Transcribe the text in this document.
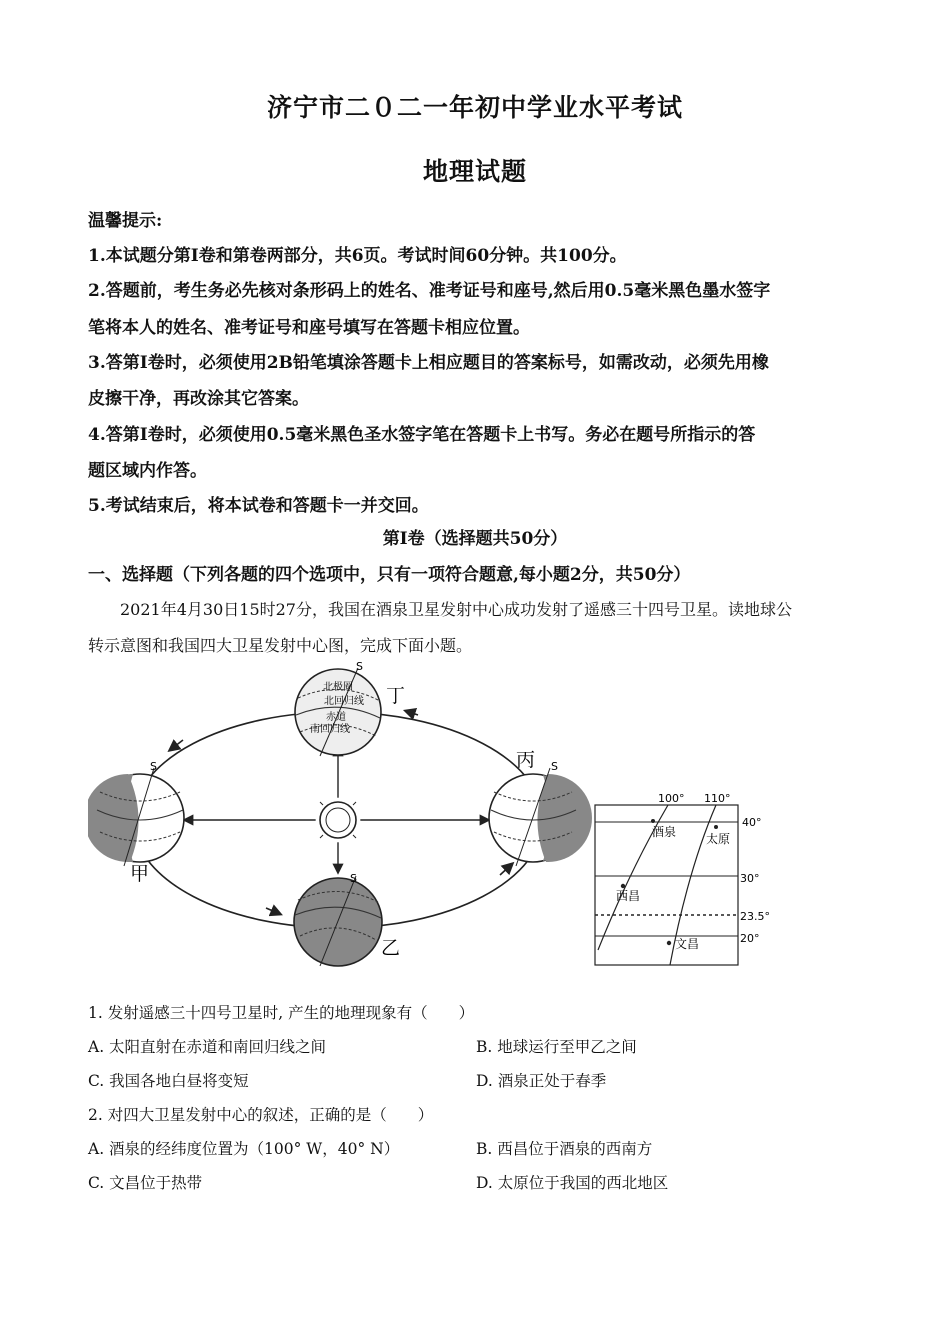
济宁市二０二一年初中学业水平考试
地理试题
温馨提示:
1.本试题分第Ⅰ卷和第卷两部分，共6页。考试时间60分钟。共100分。
2.答题前，考生务必先核对条形码上的姓名、准考证号和座号,然后用0.5毫米黑色墨水签字
笔将本人的姓名、准考证号和座号填写在答题卡相应位置。
3.答第Ⅰ卷时，必须使用2B铅笔填涂答题卡上相应题目的答案标号，如需改动，必须先用橡
皮擦干净，再改涂其它答案。
4.答第Ⅰ卷时，必须使用0.5毫米黑色圣水签字笔在答题卡上书写。务必在题号所指示的答
题区域内作答。
5.考试结束后，将本试卷和答题卡一并交回。
第Ⅰ卷（选择题共50分）
一、选择题（下列各题的四个选项中，只有一项符合题意,每小题2分，共50分）
2021年4月30日15时27分，我国在酒泉卫星发射中心成功发射了遥感三十四号卫星。读地球公
转示意图和我国四大卫星发射中心图，完成下面小题。
北极圈
北回归线
赤道
南回归线
S
丁
S
丙
S
甲	S
乙
100° 110°
40°
30°
23.5°
20°
酒泉 太原
西昌
文昌
1. 发射遥感三十四号卫星时, 产生的地理现象有（　　）
A. 太阳直射在赤道和南回归线之间	B. 地球运行至甲乙之间
C. 我国各地白昼将变短	D. 酒泉正处于春季
2. 对四大卫星发射中心的叙述，正确的是（　　）
A. 酒泉的经纬度位置为（100° W，40° N）	B. 西昌位于酒泉的西南方
C. 文昌位于热带	D. 太原位于我国的西北地区
